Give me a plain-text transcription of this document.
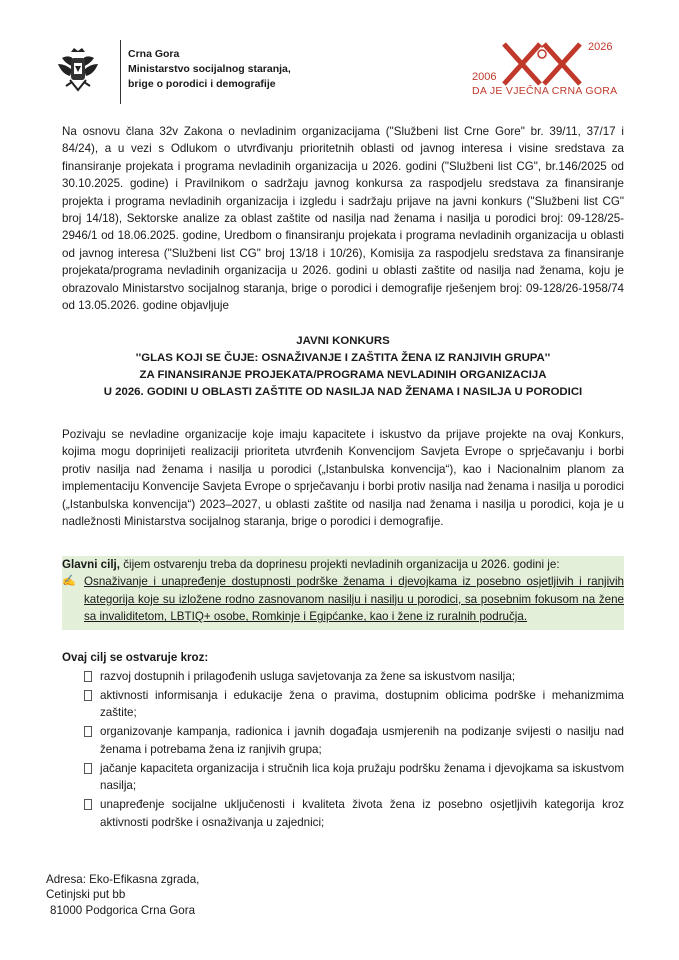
Crna Gora
Ministarstvo socijalnog staranja,
brige o porodici i demografije
2006
2026
DA JE VJEČNA CRNA GORA
Na osnovu člana 32v Zakona o nevladinim organizacijama ("Službeni list Crne Gore" br. 39/11, 37/17 i 84/24), a u vezi s Odlukom o utvrđivanju prioritetnih oblasti od javnog interesa i visine sredstava za finansiranje projekata i programa nevladinih organizacija u 2026. godini ("Službeni list CG", br.146/2025 od 30.10.2025. godine) i Pravilnikom o sadržaju javnog konkursa za raspodjelu sredstava za finansiranje projekta i programa nevladinih organizacija i izgledu i sadržaju prijave na javni konkurs ("Službeni list CG" broj 14/18), Sektorske analize za oblast zaštite od nasilja nad ženama i nasilja u porodici broj: 09-128/25-2946/1 od 18.06.2025. godine, Uredbom o finansiranju projekata i programa nevladinih organizacija u oblasti od javnog interesa ("Službeni list CG" broj 13/18 i 10/26), Komisija za raspodjelu sredstava za finansiranje projekata/programa nevladinih organizacija u 2026. godini u oblasti zaštite od nasilja nad ženama, koju je obrazovalo Ministarstvo socijalnog staranja, brige o porodici i demografije rješenjem broj: 09-128/26-1958/74 od 13.05.2026. godine objavljuje
JAVNI KONKURS
''GLAS KOJI SE ČUJE: OSNAŽIVANJE I ZAŠTITA ŽENA IZ RANJIVIH GRUPA''
ZA FINANSIRANJE PROJEKATA/PROGRAMA NEVLADINIH ORGANIZACIJA
U 2026. GODINI U OBLASTI ZAŠTITE OD NASILJA NAD ŽENAMA I NASILJA U PORODICI
Pozivaju se nevladine organizacije koje imaju kapacitete i iskustvo da prijave projekte na ovaj Konkurs, kojima mogu doprinijeti realizaciji prioriteta utvrđenih Konvencijom Savjeta Evrope o sprječavanju i borbi protiv nasilja nad ženama i nasilja u porodici („Istanbulska konvencija“), kao i Nacionalnim planom za implementaciju Konvencije Savjeta Evrope o sprječavanju i borbi protiv nasilja nad ženama i nasilja u porodici („Istanbulska konvencija“) 2023–2027, u oblasti zaštite od nasilja nad ženama i nasilja u porodici, koja je u nadležnosti Ministarstva socijalnog staranja, brige o porodici i demografije.
Glavni cilj, čijem ostvarenju treba da doprinesu projekti nevladinih organizacija u 2026. godini je:
✍ Osnaživanje i unapređenje dostupnosti podrške ženama i djevojkama iz posebno osjetljivih i ranjivih kategorija koje su izložene rodno zasnovanom nasilju i nasilju u porodici, sa posebnim fokusom na žene sa invaliditetom, LBTIQ+ osobe, Romkinje i Egipćanke, kao i žene iz ruralnih područja.
Ovaj cilj se ostvaruje kroz:
razvoj dostupnih i prilagođenih usluga savjetovanja za žene sa iskustvom nasilja;
aktivnosti informisanja i edukacije žena o pravima, dostupnim oblicima podrške i mehanizmima zaštite;
organizovanje kampanja, radionica i javnih događaja usmjerenih na podizanje svijesti o nasilju nad ženama i potrebama žena iz ranjivih grupa;
jačanje kapaciteta organizacija i stručnih lica koja pružaju podršku ženama i djevojkama sa iskustvom nasilja;
unapređenje socijalne uključenosti i kvaliteta života žena iz posebno osjetljivih kategorija kroz aktivnosti podrške i osnaživanja u zajednici;
Adresa: Eko-Efikasna zgrada,
Cetinjski put bb
81000 Podgorica Crna Gora
